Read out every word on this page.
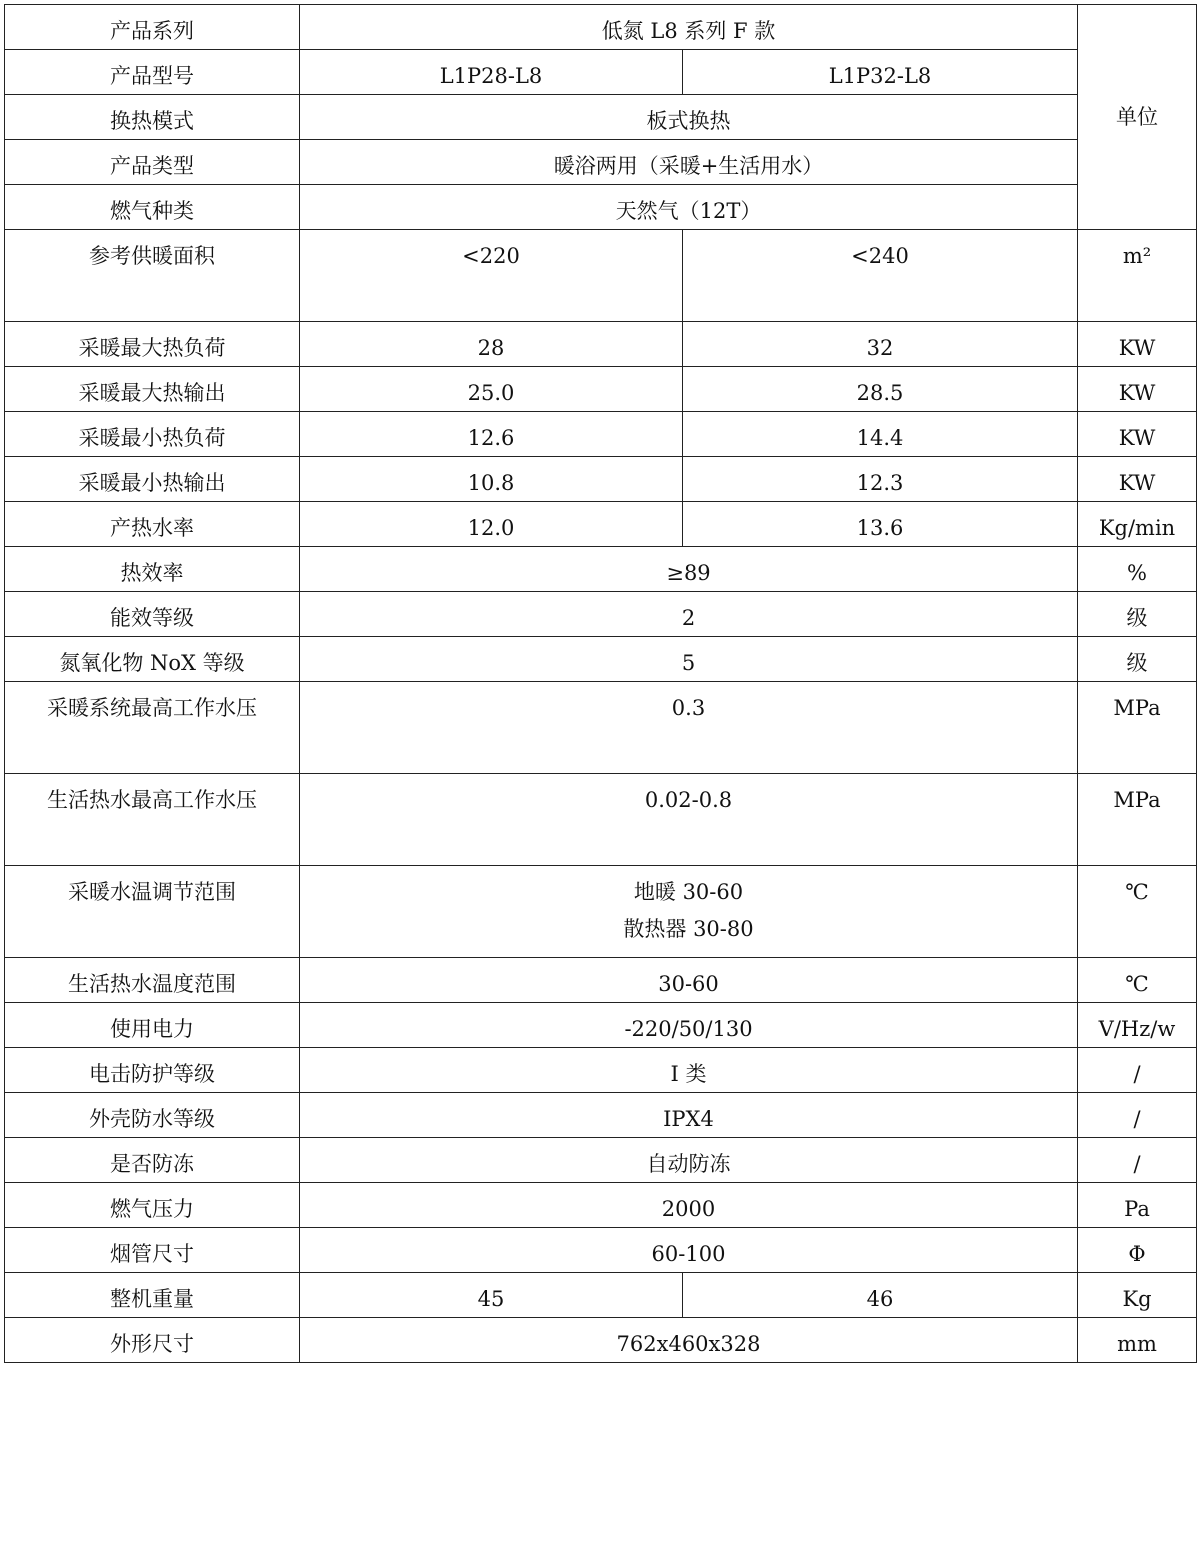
产品系列	低氮 L8 系列 F 款		单位
产品型号	L1P28-L8	L1P32-L8	
换热模式	板式换热		
产品类型	暖浴两用（采暖+生活用水）		
燃气种类	天然气（12T）		
参考供暖面积	<220	<240	m²
采暖最大热负荷	28	32	KW
采暖最大热输出	25.0	28.5	KW
采暖最小热负荷	12.6	14.4	KW
采暖最小热输出	10.8	12.3	KW
产热水率	12.0	13.6	Kg/min
热效率	≥89		%
能效等级	2		级
氮氧化物 NoX 等级	5		级
采暖系统最高工作水压	0.3		MPa
生活热水最高工作水压	0.02-0.8		MPa
采暖水温调节范围	地暖 30-60
散热器 30-80		℃
生活热水温度范围	30-60		℃
使用电力	-220/50/130		V/Hz/w
电击防护等级	I 类		/
外壳防水等级	IPX4		/
是否防冻	自动防冻		/
燃气压力	2000		Pa
烟管尺寸	60-100		Φ
整机重量	45	46	Kg
外形尺寸	762x460x328		mm
